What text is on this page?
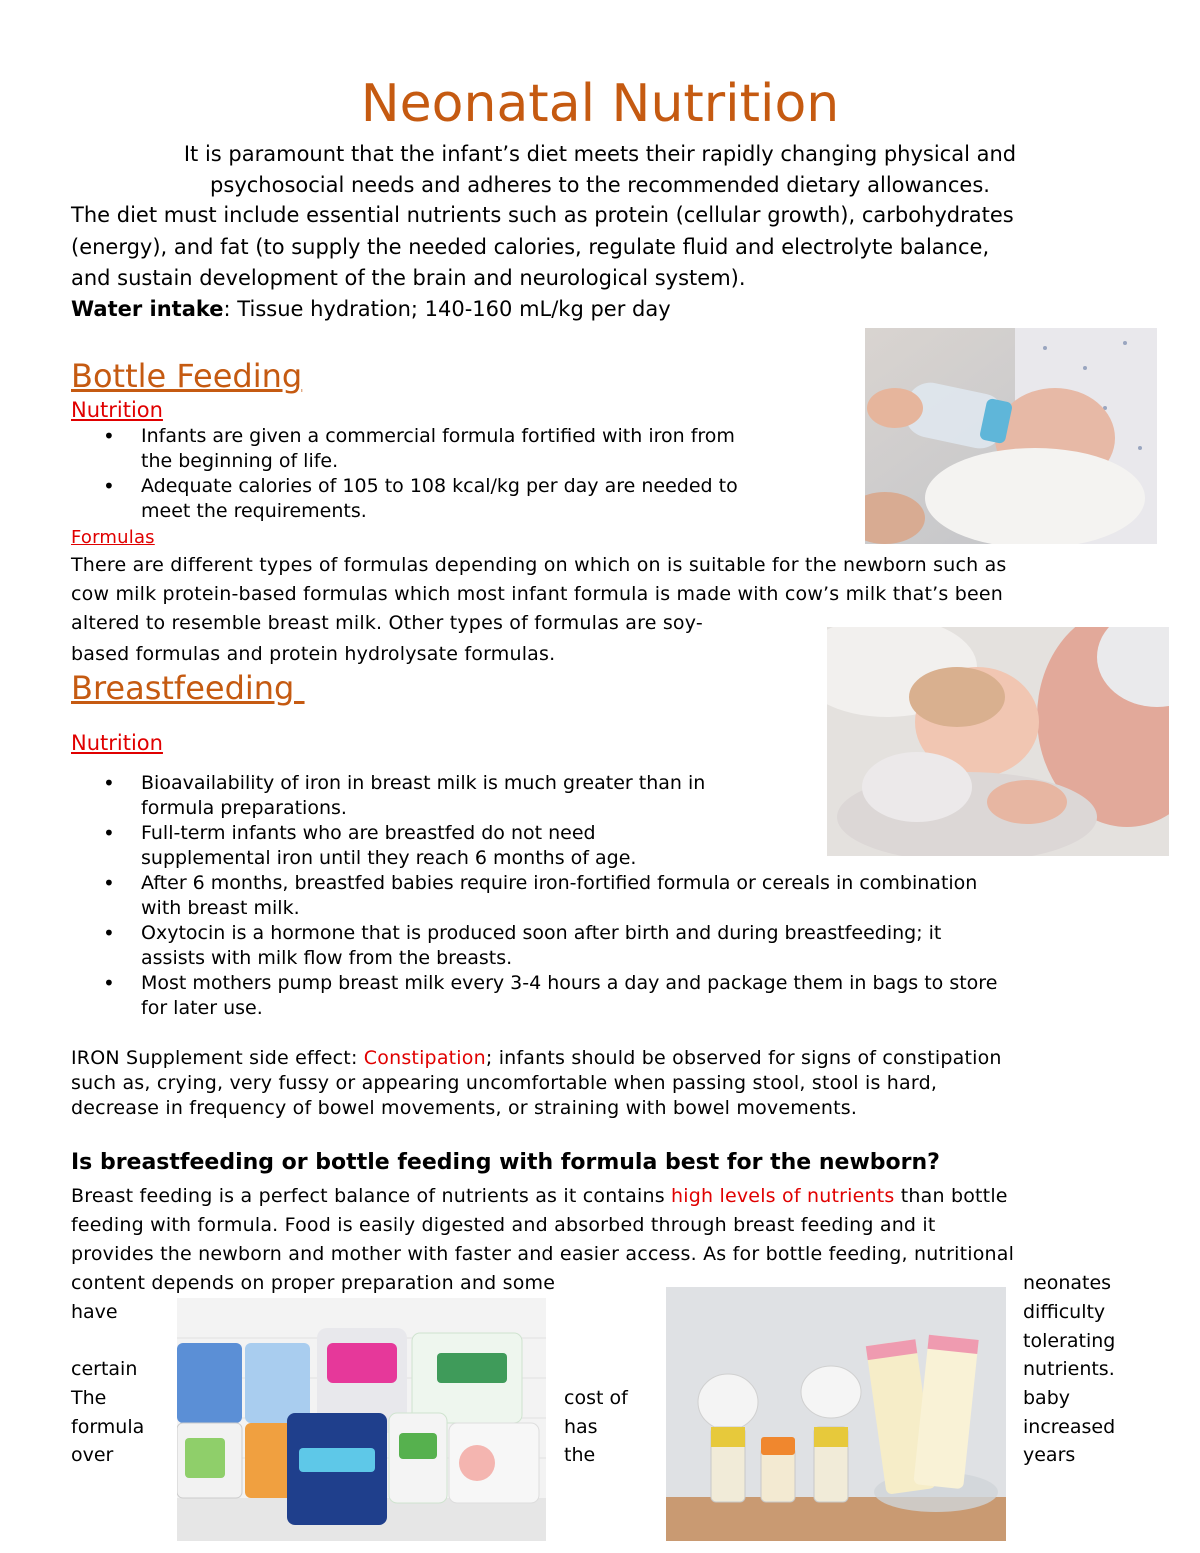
Neonatal Nutrition
It is paramount that the infant’s diet meets their rapidly changing physical and
psychosocial needs and adheres to the recommended dietary allowances.
The diet must include essential nutrients such as protein (cellular growth), carbohydrates
(energy), and fat (to supply the needed calories, regulate fluid and electrolyte balance,
and sustain development of the brain and neurological system).
Water intake: Tissue hydration; 140-160 mL/kg per day
Bottle Feeding
Nutrition
• Infants are given a commercial formula fortified with iron from
the beginning of life.
• Adequate calories of 105 to 108 kcal/kg per day are needed to
meet the requirements.
Formulas
There are different types of formulas depending on which on is suitable for the newborn such as
cow milk protein-based formulas which most infant formula is made with cow’s milk that’s been
altered to resemble breast milk. Other types of formulas are soy-
based formulas and protein hydrolysate formulas.
Breastfeeding
Nutrition
• Bioavailability of iron in breast milk is much greater than in
formula preparations.
• Full-term infants who are breastfed do not need
supplemental iron until they reach 6 months of age.
• After 6 months, breastfed babies require iron-fortified formula or cereals in combination
with breast milk.
• Oxytocin is a hormone that is produced soon after birth and during breastfeeding; it
assists with milk flow from the breasts.
• Most mothers pump breast milk every 3-4 hours a day and package them in bags to store
for later use.
IRON Supplement side effect: Constipation; infants should be observed for signs of constipation
such as, crying, very fussy or appearing uncomfortable when passing stool, stool is hard,
decrease in frequency of bowel movements, or straining with bowel movements.
Is breastfeeding or bottle feeding with formula best for the newborn?
Breast feeding is a perfect balance of nutrients as it contains high levels of nutrients than bottle
feeding with formula. Food is easily digested and absorbed through breast feeding and it
provides the newborn and mother with faster and easier access. As for bottle feeding, nutritional
content depends on proper preparation and some	neonates
have	difficulty
tolerating
certain	nutrients.
The	cost of	baby
formula	has	increased
over	the	years
